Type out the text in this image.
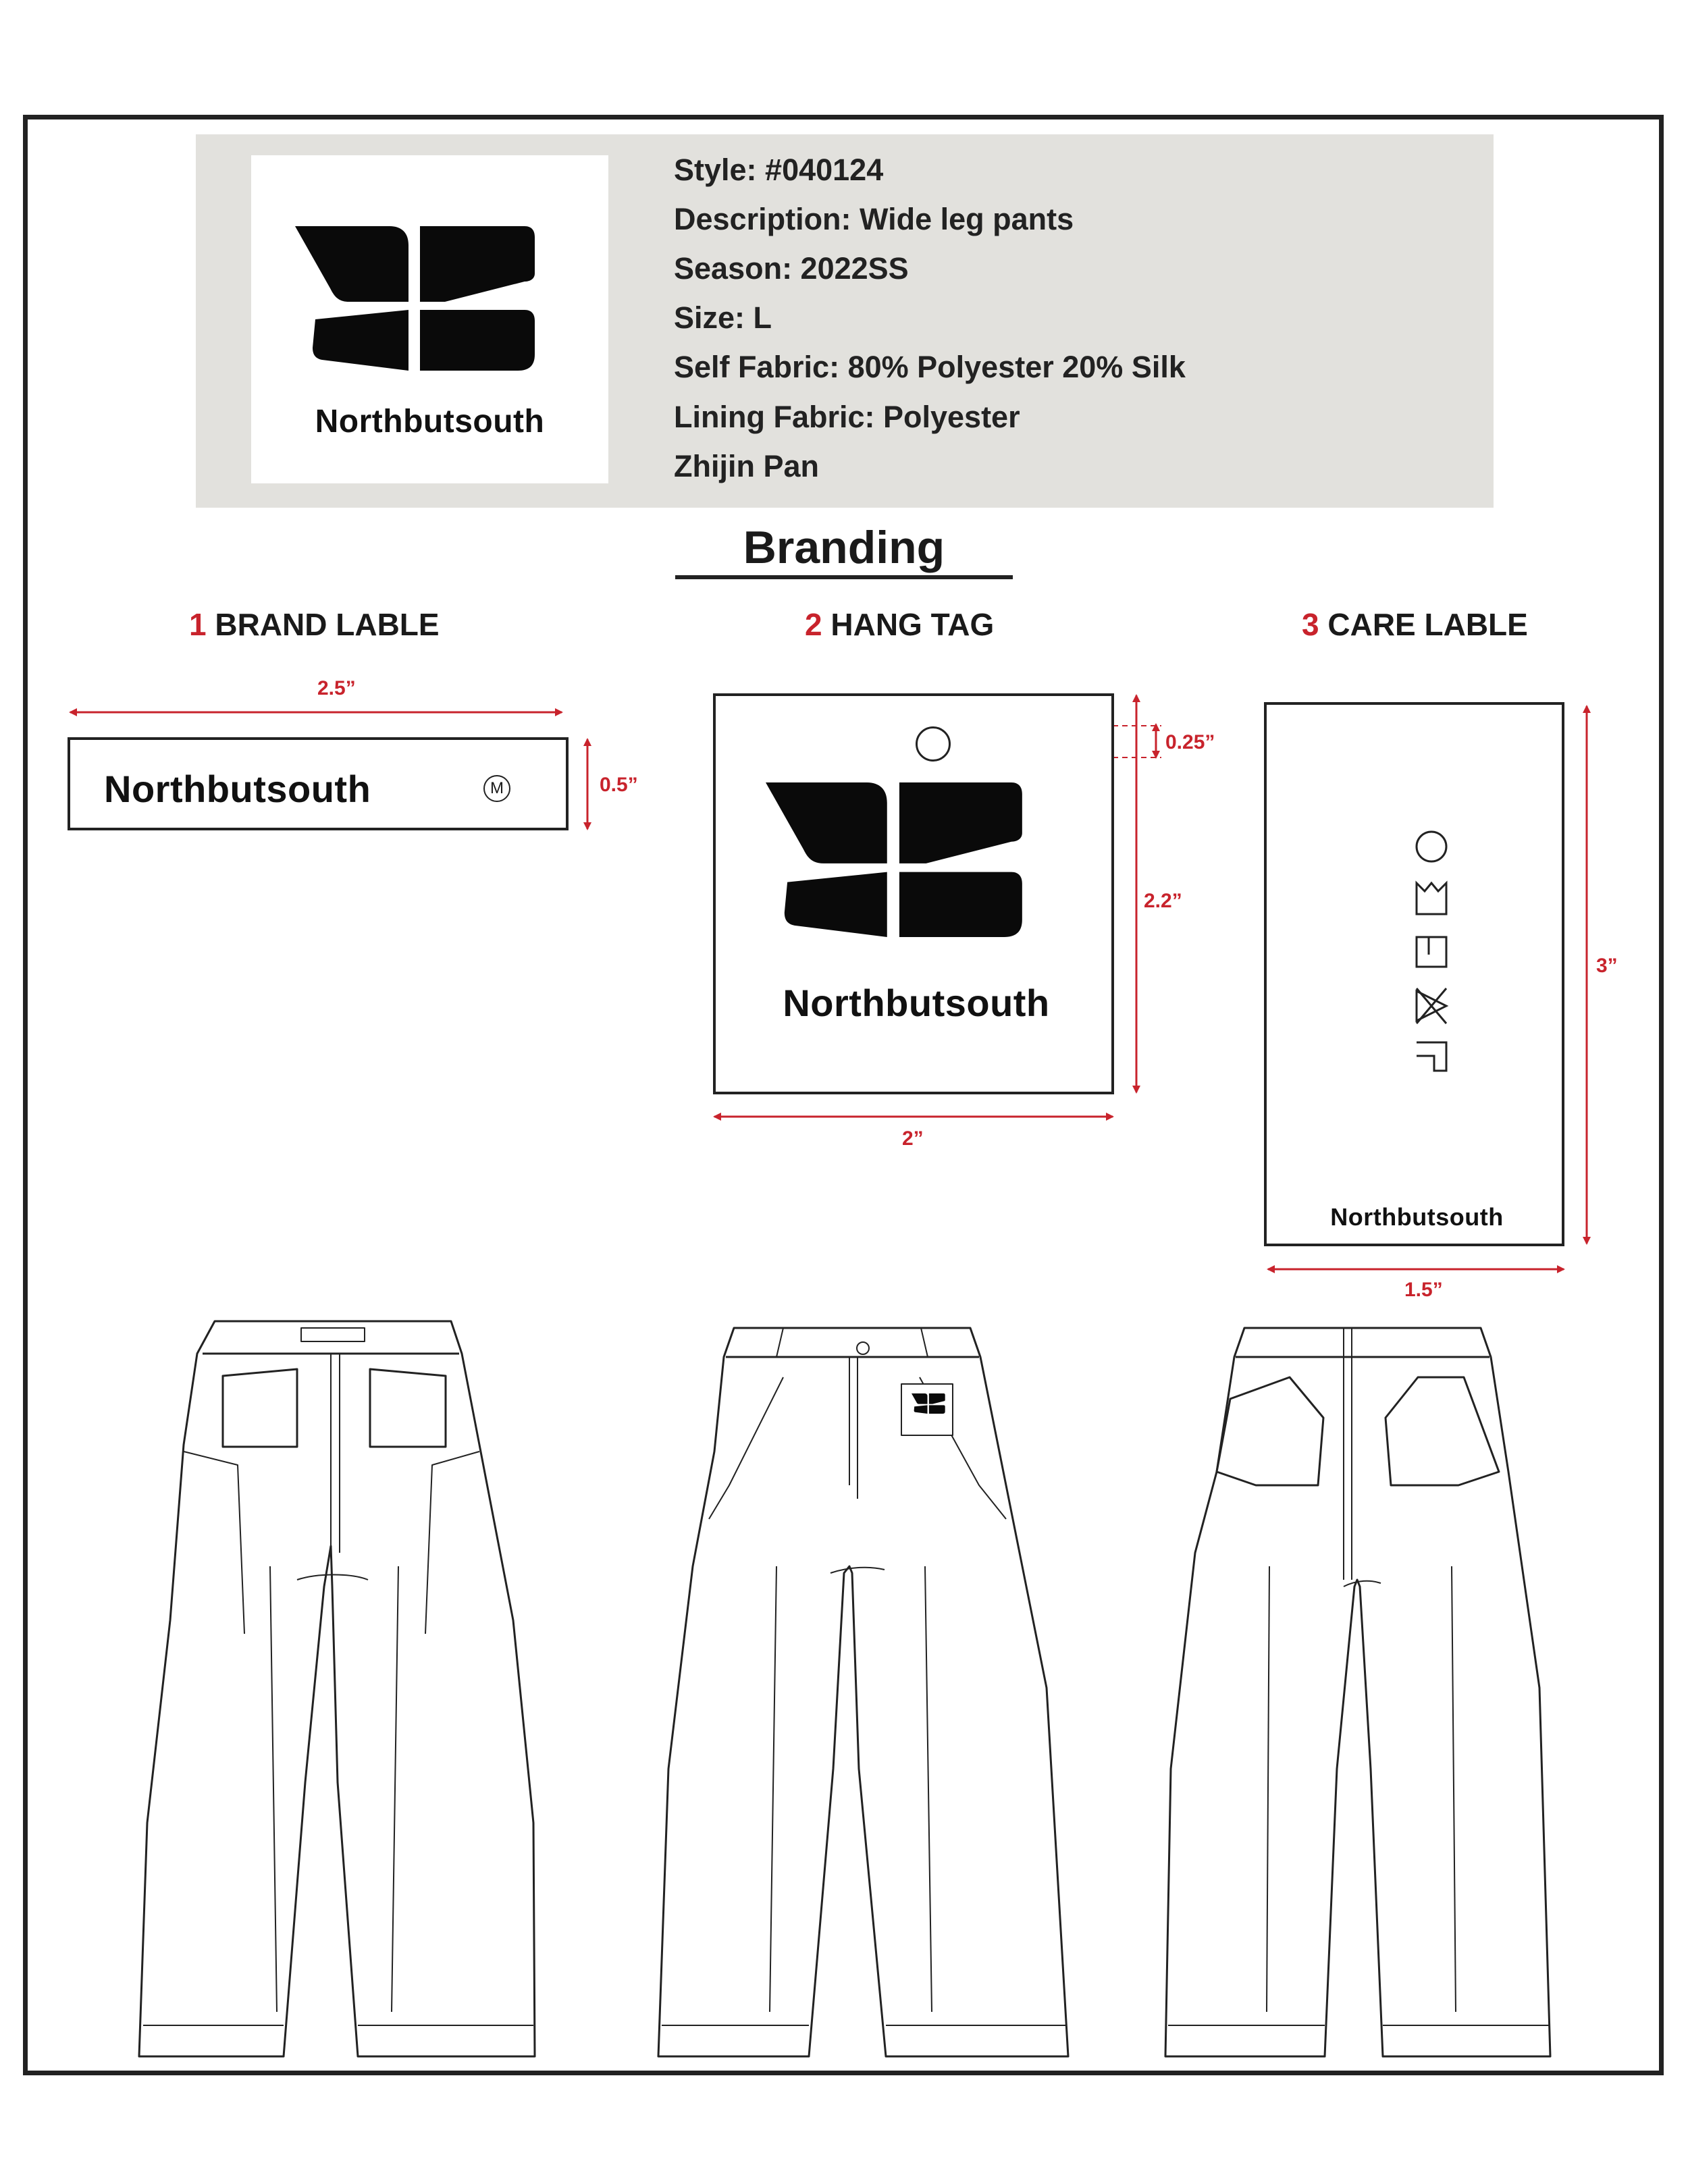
Northbutsouth
Style: #040124
Description: Wide leg pants
Season: 2022SS
Size: L
Self Fabric: 80% Polyester 20% Silk
Lining Fabric: Polyester
Zhijin Pan
Branding
1 BRAND LABLE	2 HANG TAG	3 CARE LABLE
2.5”
Northbutsouth	M	0.5”
Northbutsouth
0.25”
2.2”
2”
Northbutsouth
3”
1.5”
